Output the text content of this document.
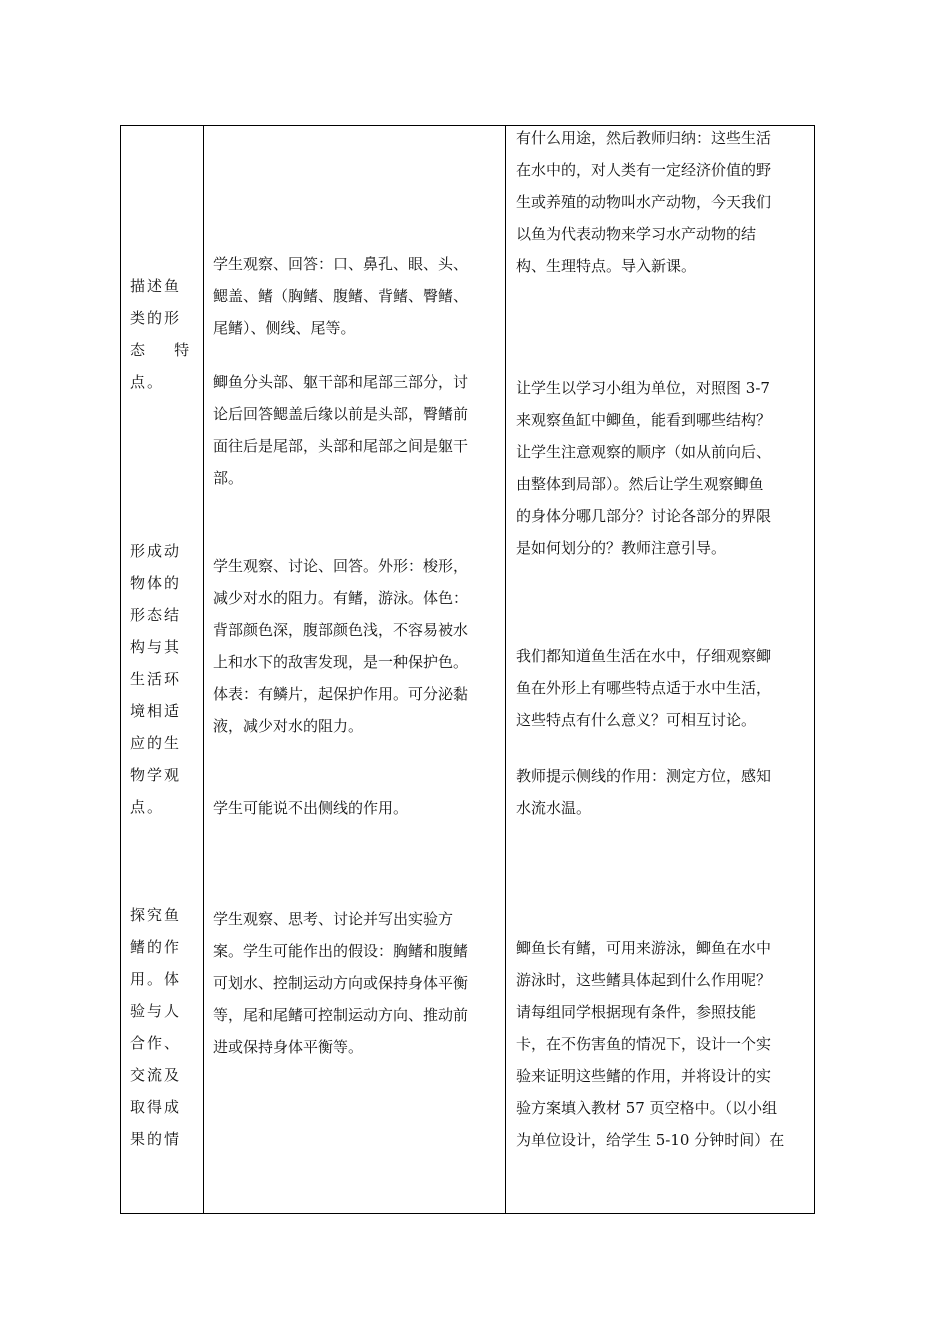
描述鱼
类的形
态    特
点。
形成动
物体的
形态结
构与其
生活环
境相适
应的生
物学观
点。
探究鱼
鳍的作
用。体
验与人
合作、
交流及
取得成
果的情
学生观察、回答：口、鼻孔、眼、头、
鳃盖、鳍（胸鳍、腹鳍、背鳍、臀鳍、
尾鳍）、侧线、尾等。
鲫鱼分头部、躯干部和尾部三部分，讨
论后回答鳃盖后缘以前是头部，臀鳍前
面往后是尾部，头部和尾部之间是躯干
部。
学生观察、讨论、回答。外形：梭形，
减少对水的阻力。有鳍，游泳。体色：
背部颜色深，腹部颜色浅，不容易被水
上和水下的敌害发现，是一种保护色。
体表：有鳞片，起保护作用。可分泌黏
液，减少对水的阻力。
学生可能说不出侧线的作用。
学生观察、思考、讨论并写出实验方
案。学生可能作出的假设：胸鳍和腹鳍
可划水、控制运动方向或保持身体平衡
等，尾和尾鳍可控制运动方向、推动前
进或保持身体平衡等。
有什么用途，然后教师归纳：这些生活
在水中的，对人类有一定经济价值的野
生或养殖的动物叫水产动物，今天我们
以鱼为代表动物来学习水产动物的结
构、生理特点。导入新课。
让学生以学习小组为单位，对照图 3-7
来观察鱼缸中鲫鱼，能看到哪些结构？
让学生注意观察的顺序（如从前向后、
由整体到局部）。然后让学生观察鲫鱼
的身体分哪几部分？讨论各部分的界限
是如何划分的？教师注意引导。
我们都知道鱼生活在水中，仔细观察鲫
鱼在外形上有哪些特点适于水中生活，
这些特点有什么意义？可相互讨论。
教师提示侧线的作用：测定方位，感知
水流水温。
鲫鱼长有鳍，可用来游泳，鲫鱼在水中
游泳时，这些鳍具体起到什么作用呢？
请每组同学根据现有条件，参照技能
卡，在不伤害鱼的情况下，设计一个实
验来证明这些鳍的作用，并将设计的实
验方案填入教材 57 页空格中。（以小组
为单位设计，给学生 5-10 分钟时间）在
